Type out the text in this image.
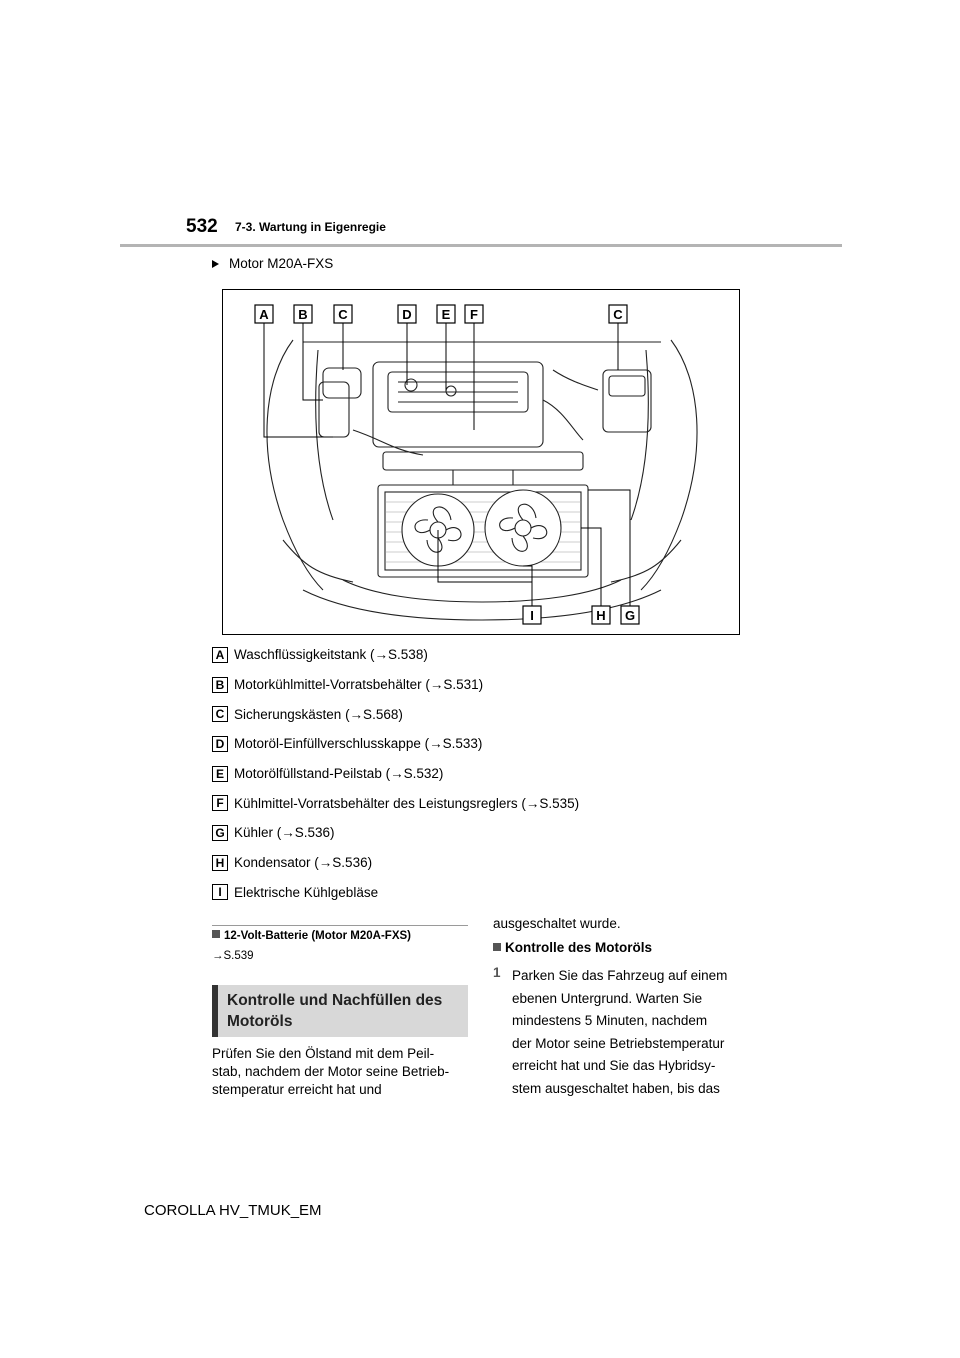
532 7-3. Wartung in Eigenregie
Motor M20A-FXS
A B C	D E F	C
I	H G
A Waschflüssigkeitstank (→S.538)
B Motorkühlmittel-Vorratsbehälter (→S.531)
C Sicherungskästen (→S.568)
D Motoröl-Einfüllverschlusskappe (→S.533)
E Motorölfüllstand-Peilstab (→S.532)
F Kühlmittel-Vorratsbehälter des Leistungsreglers (→S.535)
G Kühler (→S.536)
H Kondensator (→S.536)
I Elektrische Kühlgebläse
12-Volt-Batterie (Motor M20A-FXS)
→S.539
Kontrolle und Nachfüllen des
Motoröls
Prüfen Sie den Ölstand mit dem Peil-
stab, nachdem der Motor seine Betrieb-
stemperatur erreicht hat und
ausgeschaltet wurde.
Kontrolle des Motoröls
1 Parken Sie das Fahrzeug auf einem
ebenen Untergrund. Warten Sie
mindestens 5 Minuten, nachdem
der Motor seine Betriebstemperatur
erreicht hat und Sie das Hybridsy-
stem ausgeschaltet haben, bis das
COROLLA HV_TMUK_EM
